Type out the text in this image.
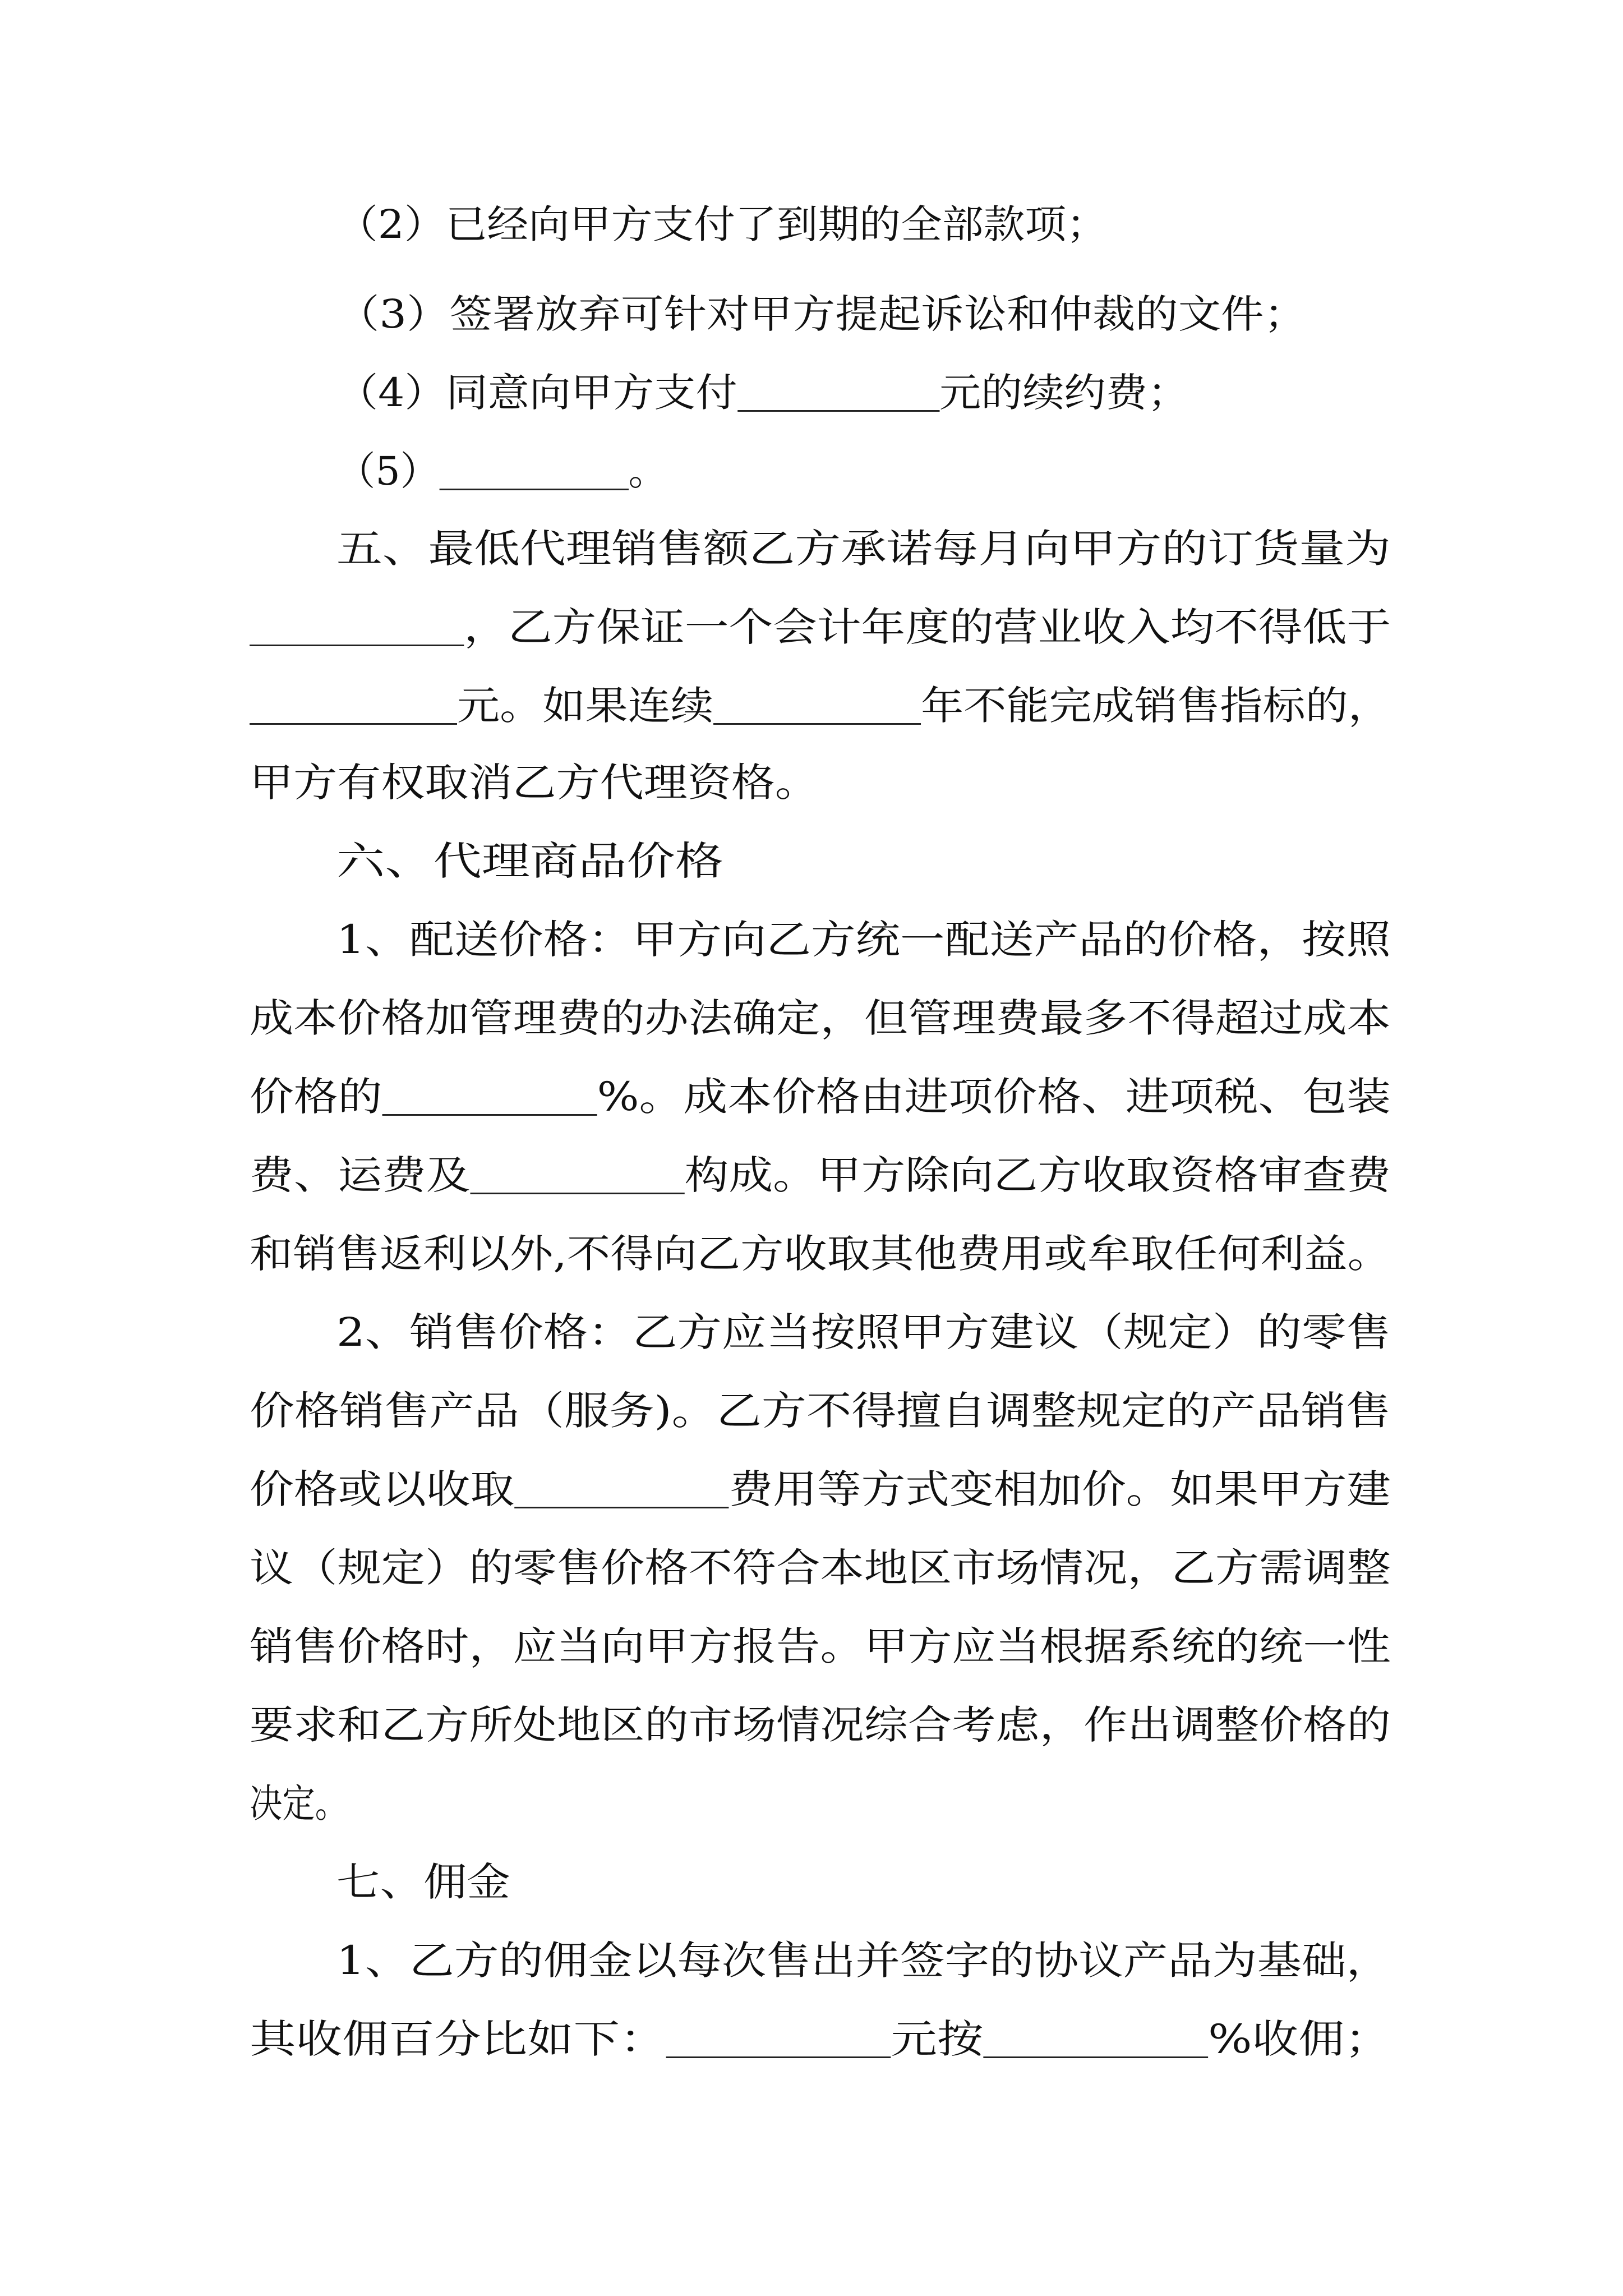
（2）已经向甲方支付了到期的全部款项；
（3）签署放弃可针对甲方提起诉讼和仲裁的文件；
（4）同意向甲方支付	元的续约费；
（5）	。
五、最低代理销售额乙方承诺每月向甲方的订货量为
，乙方保证一个会计年度的营业收入均不得低于
元。如果连续	年不能完成销售指标的，
甲方有权取消乙方代理资格。
六、代理商品价格
1、配送价格：甲方向乙方统一配送产品的价格，按照
成本价格加管理费的办法确定，但管理费最多不得超过成本
价格的	%。成本价格由进项价格、进项税、包装
费、运费及	构成。甲方除向乙方收取资格审查费
和销售返利以外,不得向乙方收取其他费用或牟取任何利益。
2、销售价格：乙方应当按照甲方建议（规定）的零售
价格销售产品（服务)。乙方不得擅自调整规定的产品销售
价格或以收取	费用等方式变相加价。如果甲方建
议（规定）的零售价格不符合本地区市场情况，乙方需调整
销售价格时，应当向甲方报告。甲方应当根据系统的统一性
要求和乙方所处地区的市场情况综合考虑，作出调整价格的
决定。
七、佣金
1、乙方的佣金以每次售出并签字的协议产品为基础，
其收佣百分比如下：	元按	%收佣；
